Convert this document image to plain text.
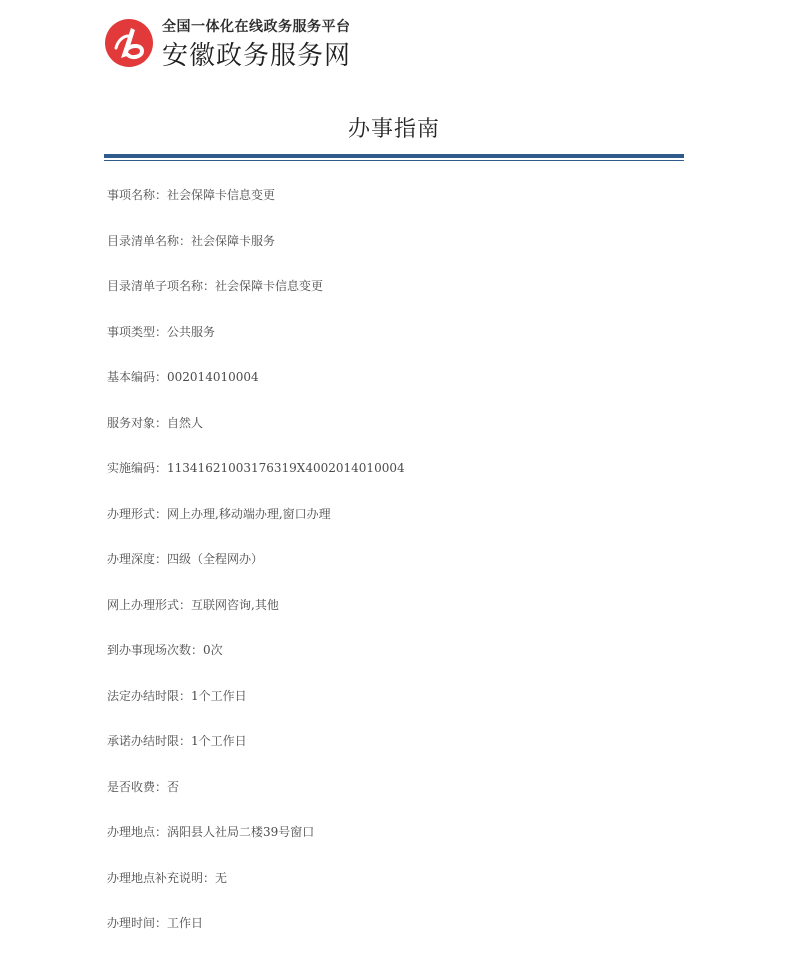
全国一体化在线政务服务平台
安徽政务服务网
办事指南
事项名称：社会保障卡信息变更
目录清单名称：社会保障卡服务
目录清单子项名称：社会保障卡信息变更
事项类型：公共服务
基本编码：002014010004
服务对象：自然人
实施编码：11341621003176319X4002014010004
办理形式：网上办理,移动端办理,窗口办理
办理深度：四级（全程网办）
网上办理形式：互联网咨询,其他
到办事现场次数：0次
法定办结时限：1个工作日
承诺办结时限：1个工作日
是否收费：否
办理地点：涡阳县人社局二楼39号窗口
办理地点补充说明：无
办理时间：工作日
